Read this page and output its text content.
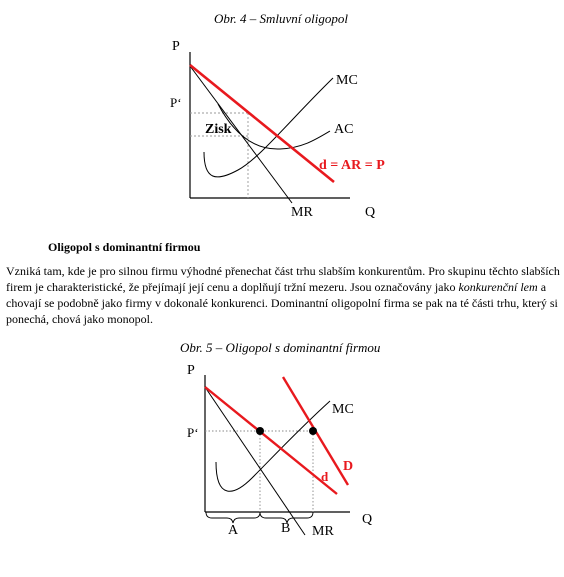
Obr. 4 – Smluvní oligopol
P
Q
P‘
Zisk
MR
MC
AC
d = AR = P
Oligopol s dominantní firmou
Vzniká tam, kde je pro silnou firmu výhodné přenechat část trhu slabším konkurentům. Pro skupinu těchto slabších firem je charakteristické, že přejímají její cenu a doplňují tržní mezeru. Jsou označovány jako konkurenční lem a chovají se podobně jako firmy v dokonalé konkurenci. Dominantní oligopolní firma se pak na té části trhu, který si ponechá, chová jako monopol.
Obr. 5 – Oligopol s dominantní firmou
P
Q
P‘
MR
MC
d
D
A	B
